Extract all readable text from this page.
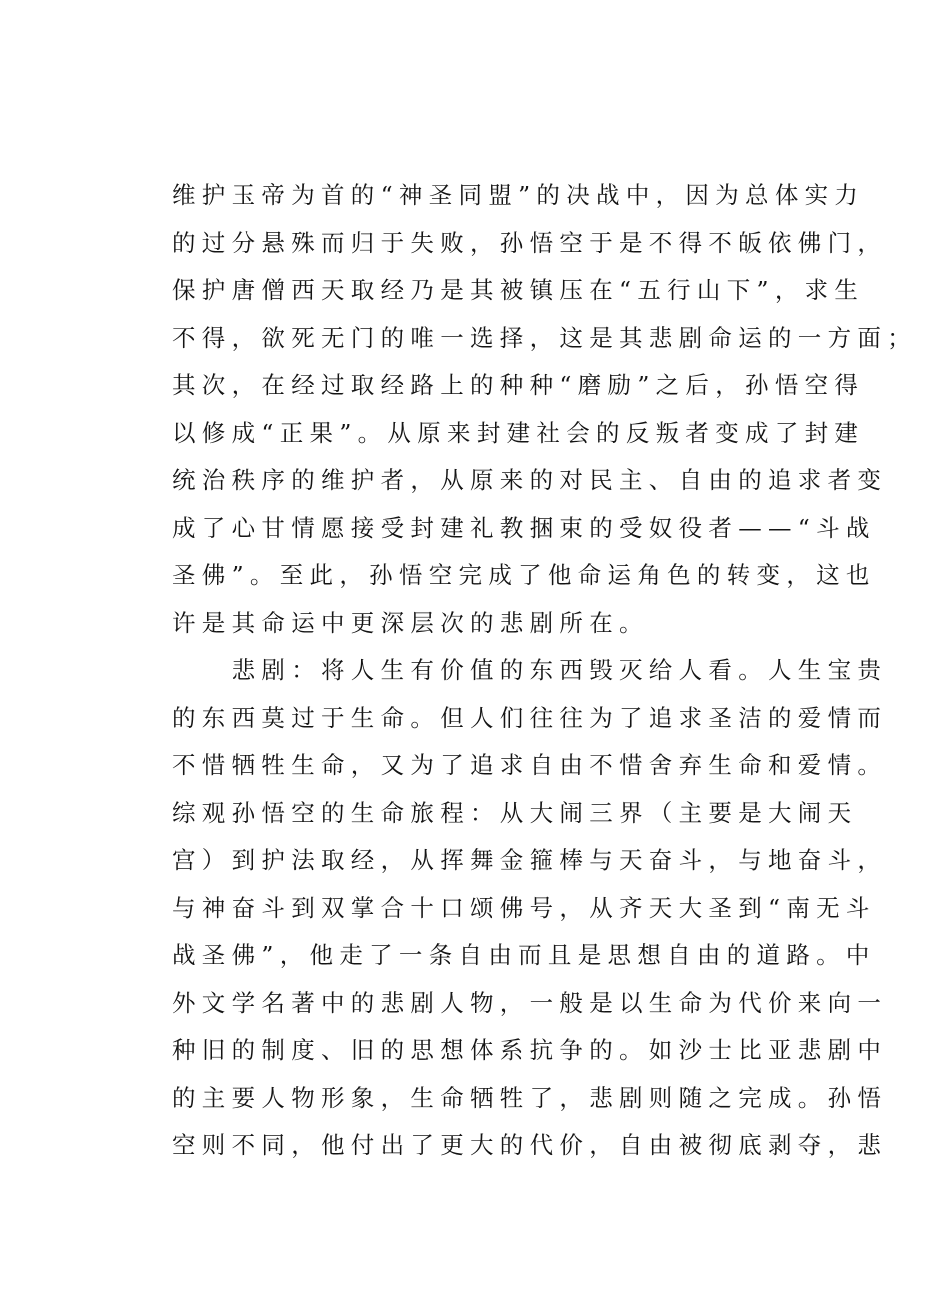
维护玉帝为首的“神圣同盟”的决战中，因为总体实力
的过分悬殊而归于失败，孙悟空于是不得不皈依佛门，
保护唐僧西天取经乃是其被镇压在“五行山下”，求生
不得，欲死无门的唯一选择，这是其悲剧命运的一方面；
其次，在经过取经路上的种种“磨励”之后，孙悟空得
以修成“正果”。从原来封建社会的反叛者变成了封建
统治秩序的维护者，从原来的对民主、自由的追求者变
成了心甘情愿接受封建礼教捆束的受奴役者——“斗战
圣佛”。至此，孙悟空完成了他命运角色的转变，这也
许是其命运中更深层次的悲剧所在。
　　悲剧：将人生有价值的东西毁灭给人看。人生宝贵
的东西莫过于生命。但人们往往为了追求圣洁的爱情而
不惜牺牲生命，又为了追求自由不惜舍弃生命和爱情。
综观孙悟空的生命旅程：从大闹三界（主要是大闹天
宫）到护法取经，从挥舞金箍棒与天奋斗，与地奋斗，
与神奋斗到双掌合十口颂佛号，从齐天大圣到“南无斗
战圣佛”，他走了一条自由而且是思想自由的道路。中
外文学名著中的悲剧人物，一般是以生命为代价来向一
种旧的制度、旧的思想体系抗争的。如沙士比亚悲剧中
的主要人物形象，生命牺牲了，悲剧则随之完成。孙悟
空则不同，他付出了更大的代价，自由被彻底剥夺，悲
